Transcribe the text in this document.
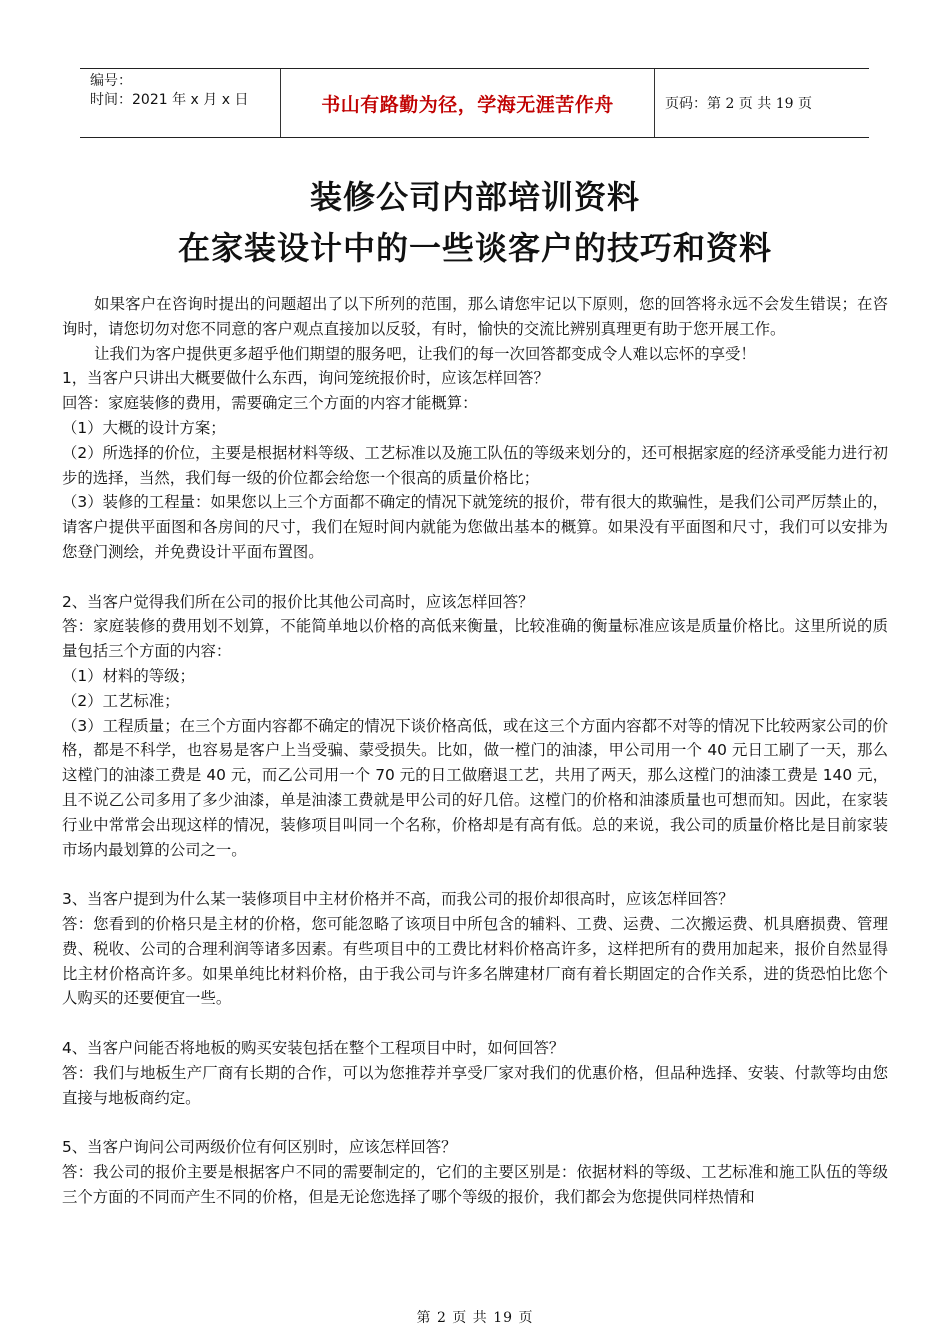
编号：
时间：2021 年 x 月 x 日	书山有路勤为径，学海无涯苦作舟	页码：第 2 页 共 19 页
装修公司内部培训资料
在家装设计中的一些谈客户的技巧和资料

如果客户在咨询时提出的问题超出了以下所列的范围，那么请您牢记以下原则，您的回答将永远不会发生错误；在咨询时，请您切勿对您不同意的客户观点直接加以反驳，有时，愉快的交流比辨别真理更有助于您开展工作。

让我们为客户提供更多超乎他们期望的服务吧，让我们的每一次回答都变成令人难以忘怀的享受！

1，当客户只讲出大概要做什么东西，询问笼统报价时，应该怎样回答？

回答：家庭装修的费用，需要确定三个方面的内容才能概算：

（1）大概的设计方案；

（2）所选择的价位，主要是根据材料等级、工艺标准以及施工队伍的等级来划分的，还可根据家庭的经济承受能力进行初步的选择，当然，我们每一级的价位都会给您一个很高的质量价格比；

（3）装修的工程量：如果您以上三个方面都不确定的情况下就笼统的报价，带有很大的欺骗性，是我们公司严厉禁止的，请客户提供平面图和各房间的尺寸，我们在短时间内就能为您做出基本的概算。如果没有平面图和尺寸，我们可以安排为您登门测绘，并免费设计平面布置图。

2、当客户觉得我们所在公司的报价比其他公司高时，应该怎样回答？

答：家庭装修的费用划不划算，不能简单地以价格的高低来衡量，比较准确的衡量标准应该是质量价格比。这里所说的质量包括三个方面的内容：

（1）材料的等级；

（2）工艺标准；

（3）工程质量；在三个方面内容都不确定的情况下谈价格高低，或在这三个方面内容都不对等的情况下比较两家公司的价格，都是不科学，也容易是客户上当受骗、蒙受损失。比如，做一樘门的油漆，甲公司用一个 40 元日工刷了一天，那么这樘门的油漆工费是 40 元，而乙公司用一个 70 元的日工做磨退工艺，共用了两天，那么这樘门的油漆工费是 140 元，且不说乙公司多用了多少油漆，单是油漆工费就是甲公司的好几倍。这樘门的价格和油漆质量也可想而知。因此，在家装行业中常常会出现这样的情况，装修项目叫同一个名称，价格却是有高有低。总的来说，我公司的质量价格比是目前家装市场内最划算的公司之一。

3、当客户提到为什么某一装修项目中主材价格并不高，而我公司的报价却很高时，应该怎样回答？

答：您看到的价格只是主材的价格，您可能忽略了该项目中所包含的辅料、工费、运费、二次搬运费、机具磨损费、管理费、税收、公司的合理利润等诸多因素。有些项目中的工费比材料价格高许多，这样把所有的费用加起来，报价自然显得比主材价格高许多。如果单纯比材料价格，由于我公司与许多名牌建材厂商有着长期固定的合作关系，进的货恐怕比您个人购买的还要便宜一些。

4、当客户问能否将地板的购买安装包括在整个工程项目中时，如何回答？

答：我们与地板生产厂商有长期的合作，可以为您推荐并享受厂家对我们的优惠价格，但品种选择、安装、付款等均由您直接与地板商约定。

5、当客户询问公司两级价位有何区别时，应该怎样回答？

答：我公司的报价主要是根据客户不同的需要制定的，它们的主要区别是：依据材料的等级、工艺标准和施工队伍的等级三个方面的不同而产生不同的价格，但是无论您选择了哪个等级的报价，我们都会为您提供同样热情和

第 2 页 共 19 页
